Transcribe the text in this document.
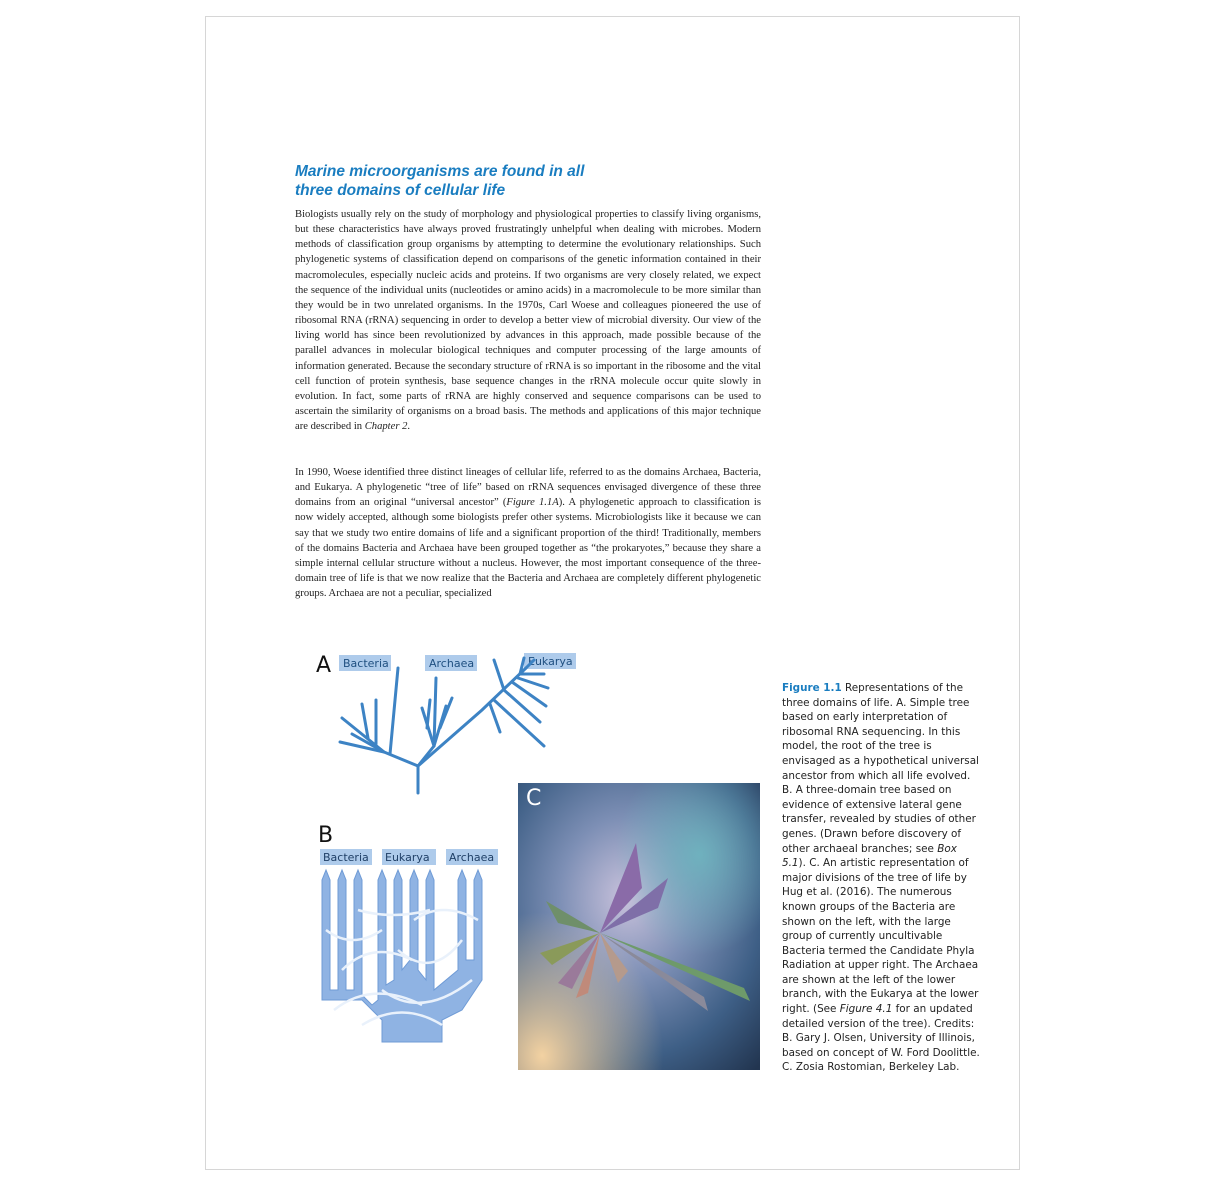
Marine microorganisms are found in all
three domains of cellular life

Biologists usually rely on the study of morphology and physiological properties to classify living organisms, but these characteristics have always proved frustratingly unhelpful when dealing with microbes. Modern methods of classification group organisms by attempting to determine the evolutionary relationships. Such phylogenetic systems of classification depend on comparisons of the genetic information contained in their macromolecules, especially nucleic acids and proteins. If two organisms are very closely related, we expect the sequence of the individual units (nucleotides or amino acids) in a macromolecule to be more similar than they would be in two unrelated organisms. In the 1970s, Carl Woese and colleagues pioneered the use of ribosomal RNA (rRNA) sequencing in order to develop a better view of microbial diversity. Our view of the living world has since been revolutionized by advances in this approach, made possible because of the parallel advances in molecular biological techniques and computer processing of the large amounts of information generated. Because the secondary structure of rRNA is so important in the ribosome and the vital cell function of protein synthesis, base sequence changes in the rRNA molecule occur quite slowly in evolution. In fact, some parts of rRNA are highly conserved and sequence comparisons can be used to ascertain the similarity of organisms on a broad basis. The methods and applications of this major technique are described in Chapter 2.

In 1990, Woese identified three distinct lineages of cellular life, referred to as the domains Archaea, Bacteria, and Eukarya. A phylogenetic “tree of life” based on rRNA sequences envisaged divergence of these three domains from an original “universal ancestor” (Figure 1.1A). A phylogenetic approach to classification is now widely accepted, although some biologists prefer other systems. Microbiologists like it because we can say that we study two entire domains of life and a significant proportion of the third! Traditionally, members of the domains Bacteria and Archaea have been grouped together as “the prokaryotes,” because they share a simple internal cellular structure without a nucleus. However, the most important consequence of the three-domain tree of life is that we now realize that the Bacteria and Archaea are completely different phylogenetic groups. Archaea are not a peculiar, specialized

A Bacteria	Archaea	Eukarya
B
Bacteria Eukarya Archaea
C

Figure 1.1 Representations of the three domains of life. A. Simple tree based on early interpretation of ribosomal RNA sequencing. In this model, the root of the tree is envisaged as a hypothetical universal ancestor from which all life evolved. B. A three-domain tree based on evidence of extensive lateral gene transfer, revealed by studies of other genes. (Drawn before discovery of other archaeal branches; see Box 5.1). C. An artistic representation of major divisions of the tree of life by Hug et al. (2016). The numerous known groups of the Bacteria are shown on the left, with the large group of currently uncultivable Bacteria termed the Candidate Phyla Radiation at upper right. The Archaea are shown at the left of the lower branch, with the Eukarya at the lower right. (See Figure 4.1 for an updated detailed version of the tree). Credits: B. Gary J. Olsen, University of Illinois, based on concept of W. Ford Doolittle. C. Zosia Rostomian, Berkeley Lab.
